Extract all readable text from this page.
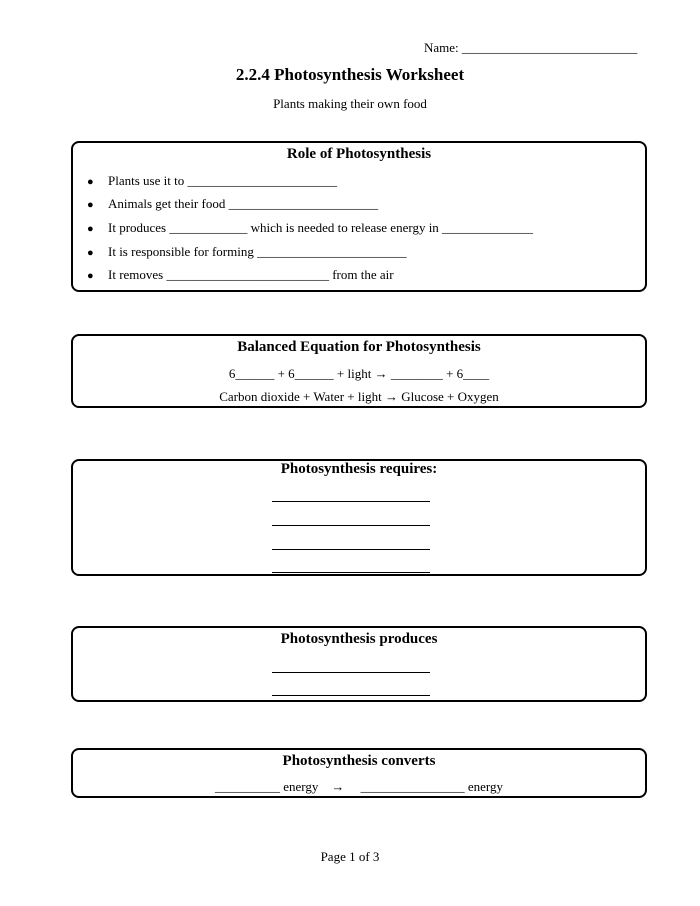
Name: ___________________________
2.2.4 Photosynthesis Worksheet
Plants making their own food
Role of Photosynthesis
● Plants use it to _______________________
● Animals get their food _______________________
● It produces ____________ which is needed to release energy in ______________
● It is responsible for forming _______________________
● It removes _________________________ from the air
Balanced Equation for Photosynthesis
6______ + 6______ + light → ________ + 6____
Carbon dioxide + Water + light → Glucose + Oxygen
Photosynthesis requires:
Photosynthesis produces
Photosynthesis converts
__________ energy    →     ________________ energy
Page 1 of 3
